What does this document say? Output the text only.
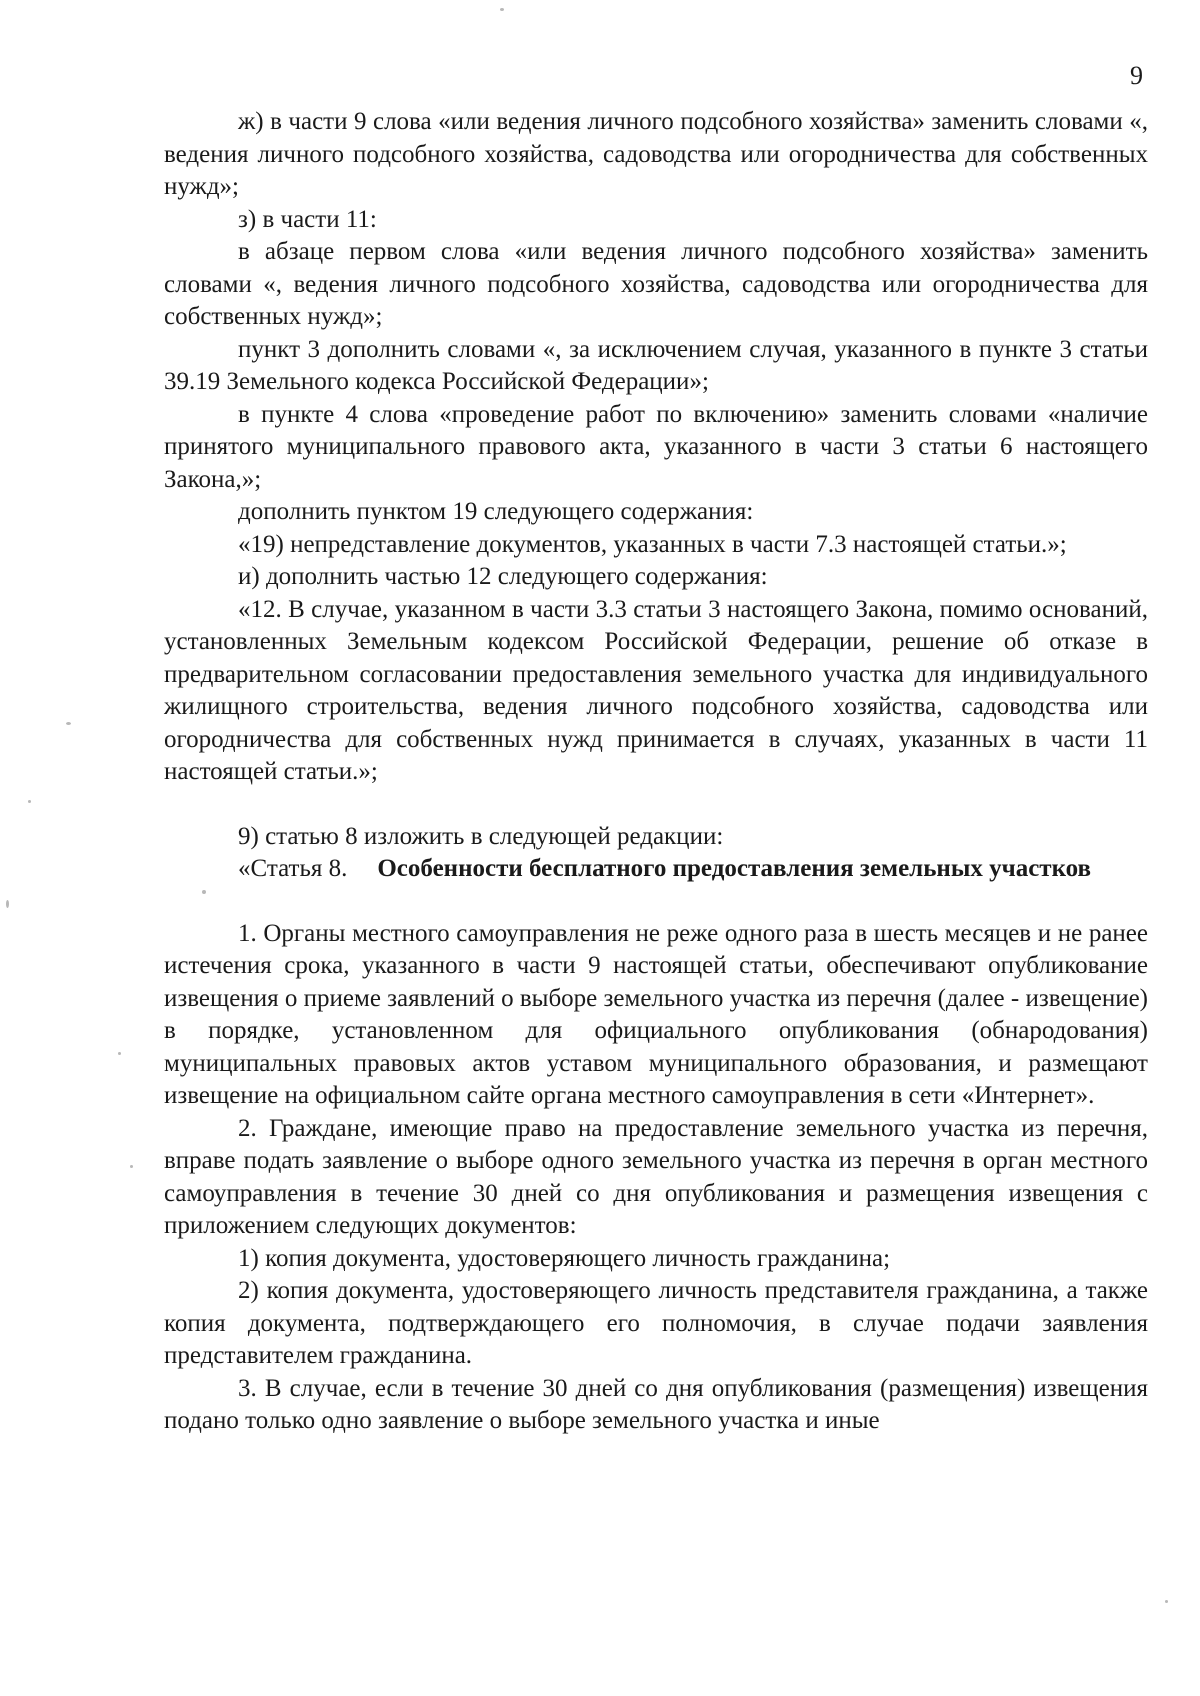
9

ж) в части 9 слова «или ведения личного подсобного хозяйства» заменить словами «, ведения личного подсобного хозяйства, садоводства или огородничества для собственных нужд»;

з) в части 11:

в абзаце первом слова «или ведения личного подсобного хозяйства» заменить словами «, ведения личного подсобного хозяйства, садоводства или огородничества для собственных нужд»;

пункт 3 дополнить словами «, за исключением случая, указанного в пункте 3 статьи 39.19 Земельного кодекса Российской Федерации»;

в пункте 4 слова «проведение работ по включению» заменить словами «наличие принятого муниципального правового акта, указанного в части 3 статьи 6 настоящего Закона,»;

дополнить пунктом 19 следующего содержания:

«19) непредставление документов, указанных в части 7.3 настоящей статьи.»;

и) дополнить частью 12 следующего содержания:

«12. В случае, указанном в части 3.3 статьи 3 настоящего Закона, помимо оснований, установленных Земельным кодексом Российской Федерации, решение об отказе в предварительном согласовании предоставления земельного участка для индивидуального жилищного строительства, ведения личного подсобного хозяйства, садоводства или огородничества для собственных нужд принимается в случаях, указанных в части 11 настоящей статьи.»;

9) статью 8 изложить в следующей редакции:

«Статья 8.	Особенности бесплатного предоставления земельных участков

1. Органы местного самоуправления не реже одного раза в шесть месяцев и не ранее истечения срока, указанного в части 9 настоящей статьи, обеспечивают опубликование извещения о приеме заявлений о выборе земельного участка из перечня (далее - извещение) в порядке, установленном для официального опубликования (обнародования) муниципальных правовых актов уставом муниципального образования, и размещают извещение на официальном сайте органа местного самоуправления в сети «Интернет».

2. Граждане, имеющие право на предоставление земельного участка из перечня, вправе подать заявление о выборе одного земельного участка из перечня в орган местного самоуправления в течение 30 дней со дня опубликования и размещения извещения с приложением следующих документов:

1) копия документа, удостоверяющего личность гражданина;

2) копия документа, удостоверяющего личность представителя гражданина, а также копия документа, подтверждающего его полномочия, в случае подачи заявления представителем гражданина.

3. В случае, если в течение 30 дней со дня опубликования (размещения) извещения подано только одно заявление о выборе земельного участка и иные
